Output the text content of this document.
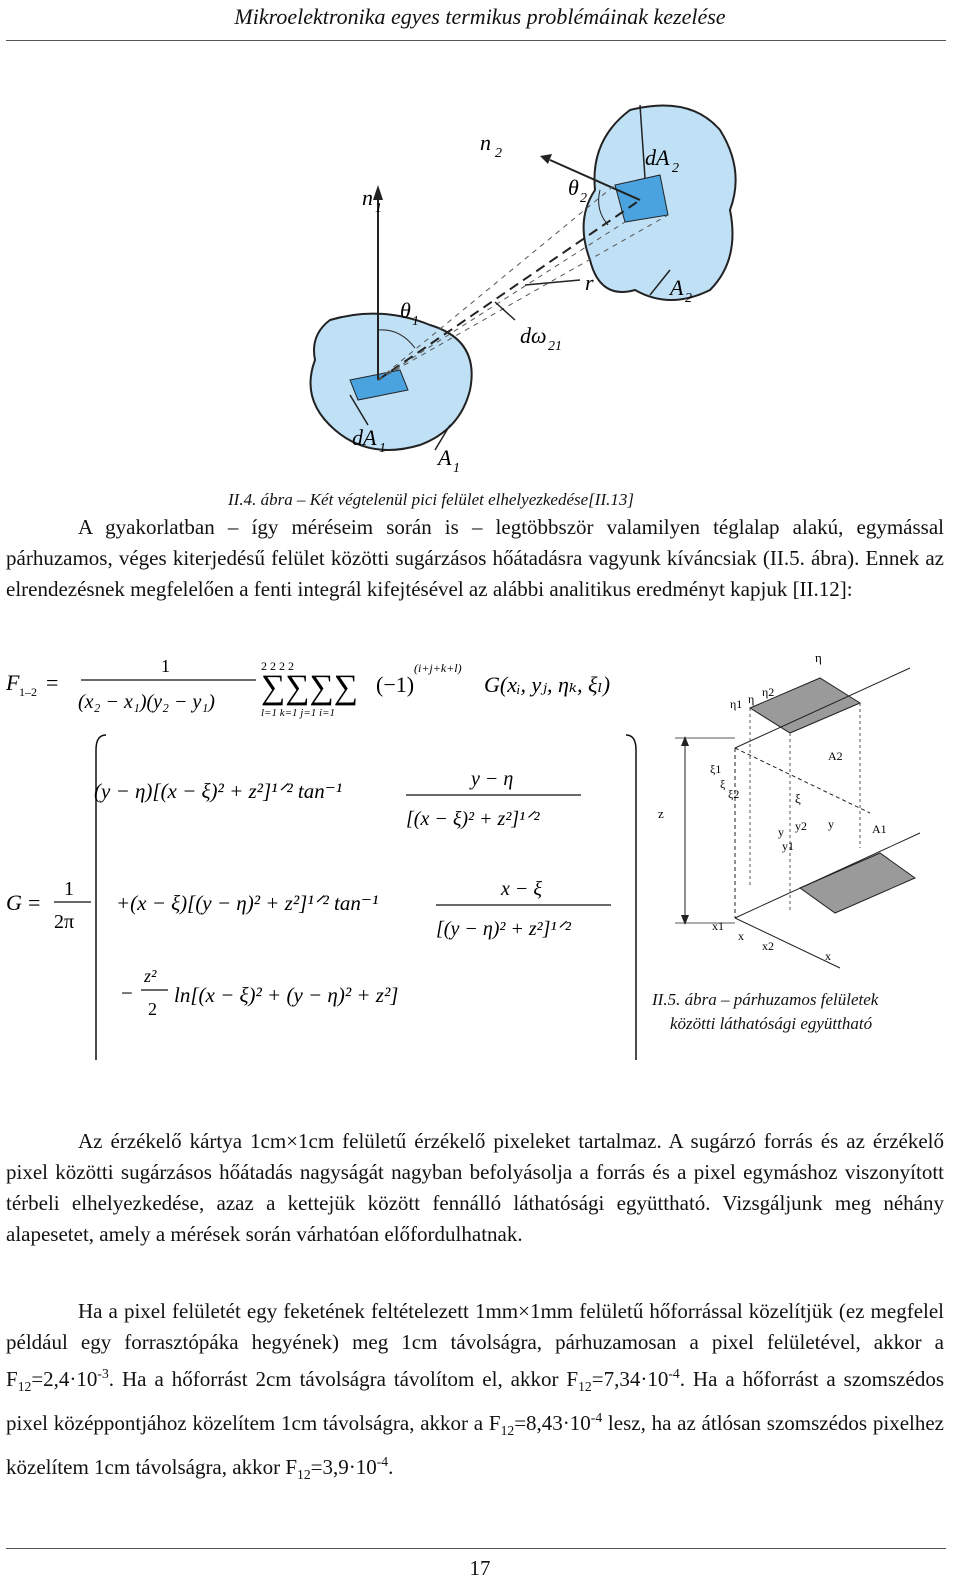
Mikroelektronika egyes termikus problémáinak kezelése
n 1
n 2	dA 2
θ 2
θ 1
r	A 2
dω 21
dA 1 A 1
II.4. ábra – Két végtelenül pici felület elhelyezkedése[II.13]

A gyakorlatban – így méréseim során is – legtöbbször valamilyen téglalap alakú, egymással párhuzamos, véges kiterjedésű felület közötti sugárzásos hőátadásra vagyunk kíváncsiak (II.5. ábra). Ennek az elrendezésnek megfelelően a fenti integrál kifejtésével az alábbi analitikus eredményt kapjuk [II.12]:

F 1–2 =
1
(x₂ − x₁)(y₂ − y₁)
2 2 2 2
∑∑∑∑
l=1 k=1 j=1 i=1
(−1)
(i+j+k+l)
G(xᵢ, yⱼ, ηₖ, ξₗ)
G =
1
2π
(y − η)[(x − ξ)² + z²]¹ᐟ² tan⁻¹	y − η
[(x − ξ)² + z²]¹ᐟ²
+(x − ξ)[(y − η)² + z²]¹ᐟ² tan⁻¹
x − ξ
[(y − η)² + z²]¹ᐟ²
−
z²
2
ln[(x − ξ)² + (y − η)² + z²]
η
η1 η η2
ξ1
ξ
ξ2
A2
ξ
z
y y2 y
y1
A1
x1
x
x2
x
II.5. ábra – párhuzamos felületek
közötti láthatósági együttható

Az érzékelő kártya 1cm×1cm felületű érzékelő pixeleket tartalmaz. A sugárzó forrás és az érzékelő pixel közötti sugárzásos hőátadás nagyságát nagyban befolyásolja a forrás és a pixel egymáshoz viszonyított térbeli elhelyezkedése, azaz a kettejük között fennálló láthatósági együttható. Vizsgáljunk meg néhány alapesetet, amely a mérések során várhatóan előfordulhatnak.

Ha a pixel felületét egy feketének feltételezett 1mm×1mm felületű hőforrással közelítjük (ez megfelel például egy forrasztópáka hegyének) meg 1cm távolságra, párhuzamosan a pixel felületével, akkor a $F_{12}=2,4\cdot 10^{-3}$. Ha a hőforrást 2cm távolságra távolítom el, akkor $F_{12}=7,34\cdot 10^{-4}$. Ha a hőforrást a szomszédos pixel középpontjához közelítem 1cm távolságra, akkor a $F_{12}=8,43\cdot 10^{-4}$ lesz, ha az átlósan szomszédos pixelhez közelítem 1cm távolságra, akkor $F_{12}=3,9\cdot 10^{-4}$.

17
